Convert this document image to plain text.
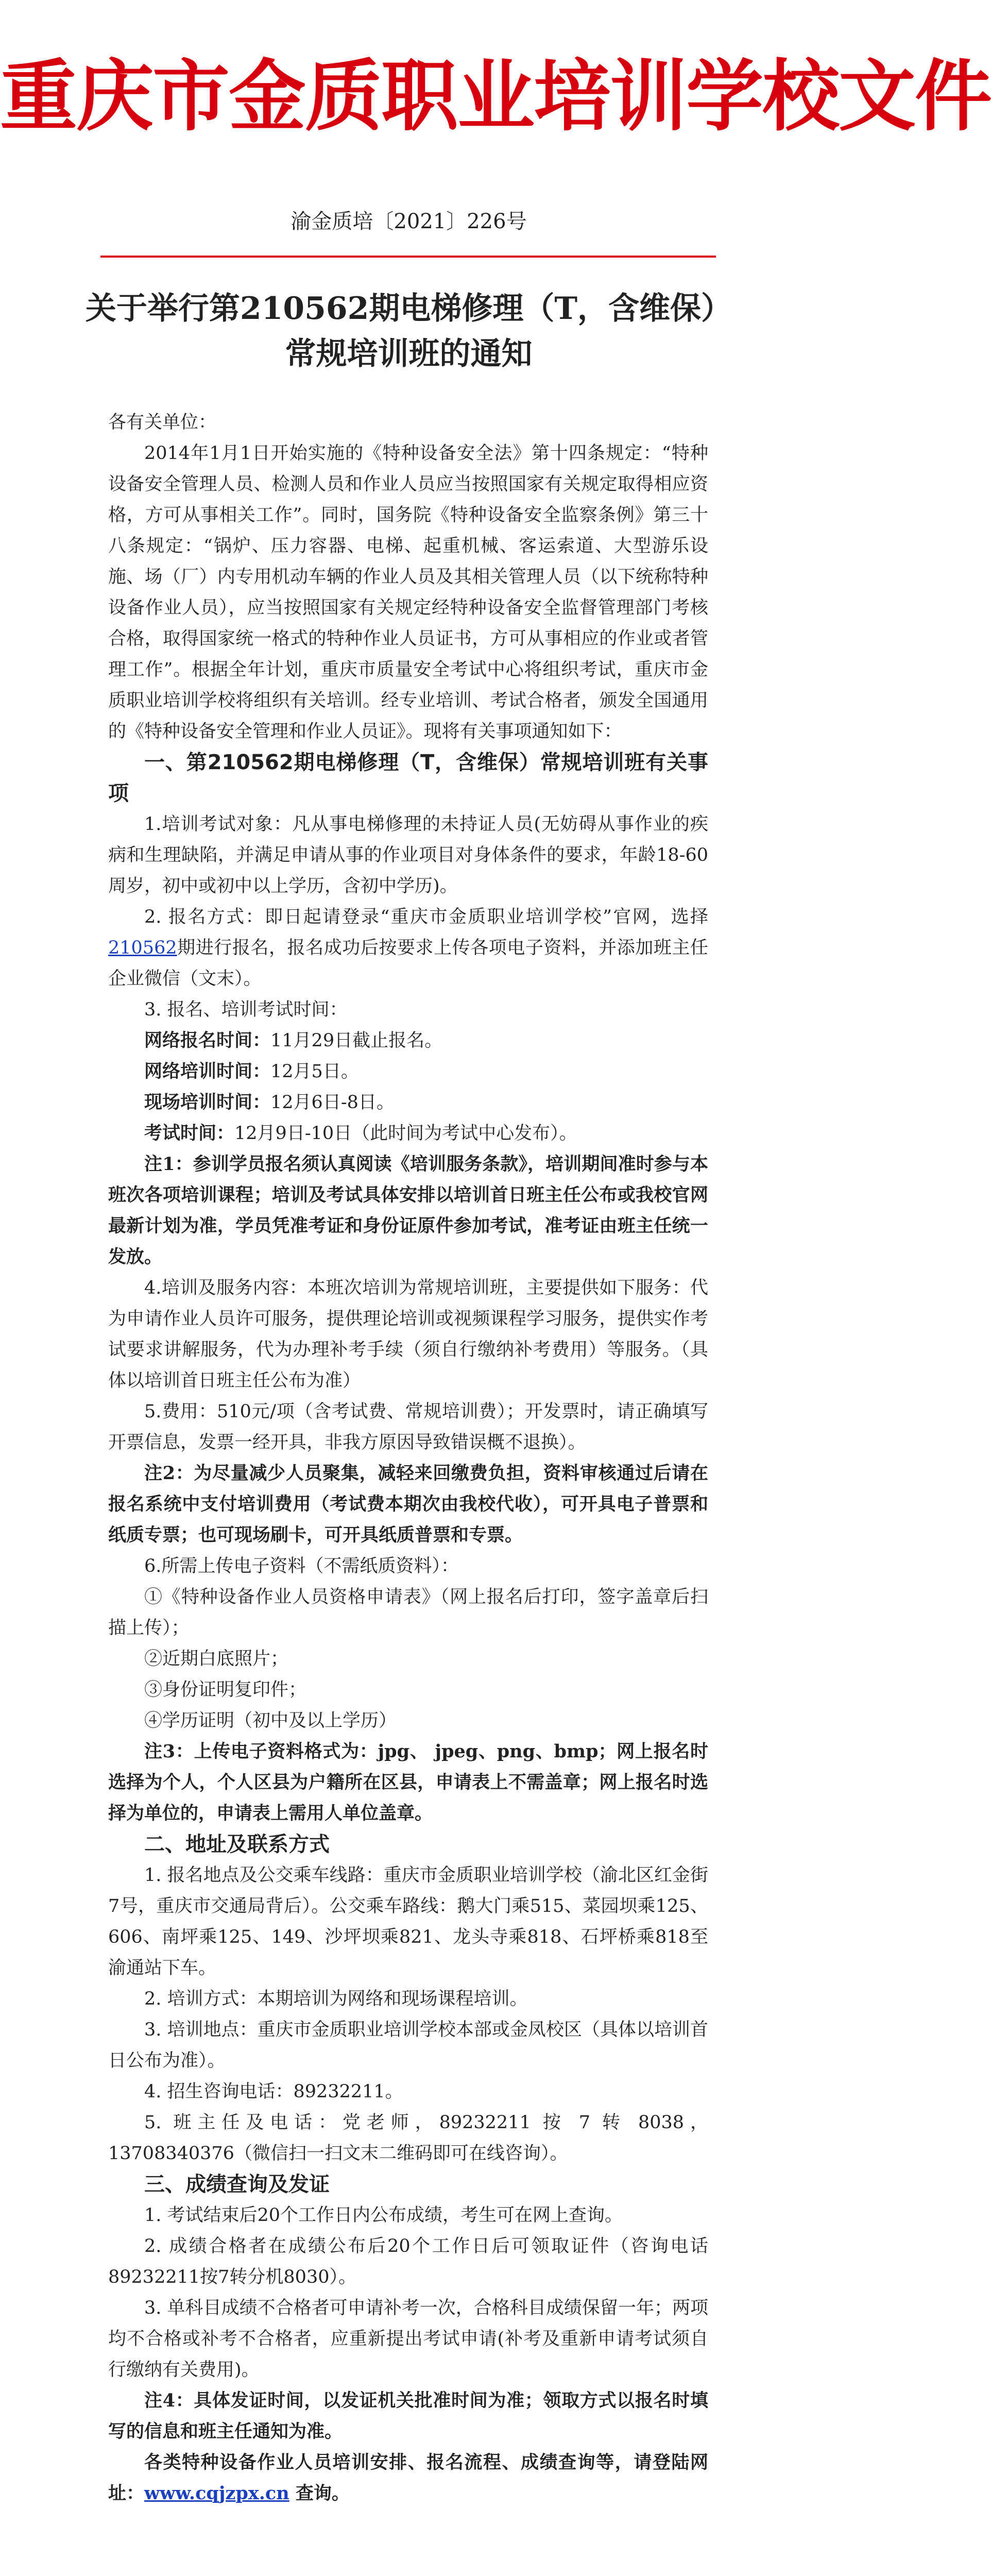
重庆市金质职业培训学校文件
渝金质培〔2021〕226号
关于举行第210562期电梯修理（T，含维保）
常规培训班的通知

各有关单位：

2014年1月1日开始实施的《特种设备安全法》第十四条规定：“特种设备安全管理人员、检测人员和作业人员应当按照国家有关规定取得相应资格，方可从事相关工作”。同时，国务院《特种设备安全监察条例》第三十八条规定：“锅炉、压力容器、电梯、起重机械、客运索道、大型游乐设施、场（厂）内专用机动车辆的作业人员及其相关管理人员（以下统称特种设备作业人员），应当按照国家有关规定经特种设备安全监督管理部门考核合格，取得国家统一格式的特种作业人员证书，方可从事相应的作业或者管理工作”。根据全年计划，重庆市质量安全考试中心将组织考试，重庆市金质职业培训学校将组织有关培训。经专业培训、考试合格者，颁发全国通用的《特种设备安全管理和作业人员证》。现将有关事项通知如下：

一、第210562期电梯修理（T，含维保）常规培训班有关事项

1.培训考试对象：凡从事电梯修理的未持证人员(无妨碍从事作业的疾病和生理缺陷，并满足申请从事的作业项目对身体条件的要求，年龄18-60周岁，初中或初中以上学历，含初中学历)。

2. 报名方式：即日起请登录“重庆市金质职业培训学校”官网，选择210562期进行报名，报名成功后按要求上传各项电子资料，并添加班主任企业微信（文末）。

3. 报名、培训考试时间：

网络报名时间：11月29日截止报名。

网络培训时间：12月5日。

现场培训时间：12月6日-8日。

考试时间：12月9日-10日（此时间为考试中心发布）。

注1：参训学员报名须认真阅读《培训服务条款》，培训期间准时参与本班次各项培训课程；培训及考试具体安排以培训首日班主任公布或我校官网最新计划为准，学员凭准考证和身份证原件参加考试，准考证由班主任统一发放。

4.培训及服务内容：本班次培训为常规培训班，主要提供如下服务：代为申请作业人员许可服务，提供理论培训或视频课程学习服务，提供实作考试要求讲解服务，代为办理补考手续（须自行缴纳补考费用）等服务。（具体以培训首日班主任公布为准）

5.费用：510元/项（含考试费、常规培训费）；开发票时，请正确填写开票信息，发票一经开具，非我方原因导致错误概不退换）。

注2：为尽量减少人员聚集，减轻来回缴费负担，资料审核通过后请在报名系统中支付培训费用（考试费本期次由我校代收），可开具电子普票和纸质专票；也可现场刷卡，可开具纸质普票和专票。

6.所需上传电子资料（不需纸质资料）：

①《特种设备作业人员资格申请表》（网上报名后打印，签字盖章后扫描上传）；

②近期白底照片；

③身份证明复印件；

④学历证明（初中及以上学历）

注3：上传电子资料格式为：jpg、 jpeg、png、bmp；网上报名时选择为个人，个人区县为户籍所在区县，申请表上不需盖章；网上报名时选择为单位的，申请表上需用人单位盖章。

二、地址及联系方式

1. 报名地点及公交乘车线路：重庆市金质职业培训学校（渝北区红金街7号，重庆市交通局背后）。公交乘车路线：鹅大门乘515、菜园坝乘125、606、南坪乘125、149、沙坪坝乘821、龙头寺乘818、石坪桥乘818至渝通站下车。

2. 培训方式：本期培训为网络和现场课程培训。

3. 培训地点：重庆市金质职业培训学校本部或金凤校区（具体以培训首日公布为准）。

4. 招生咨询电话：89232211。

5. 班主任及电话：党老师，89232211 按 7 转 8038，13708340376（微信扫一扫文末二维码即可在线咨询）。

三、成绩查询及发证

1. 考试结束后20个工作日内公布成绩，考生可在网上查询。

2. 成绩合格者在成绩公布后20个工作日后可领取证件（咨询电话89232211按7转分机8030）。

3. 单科目成绩不合格者可申请补考一次，合格科目成绩保留一年；两项均不合格或补考不合格者，应重新提出考试申请(补考及重新申请考试须自行缴纳有关费用)。

注4：具体发证时间，以发证机关批准时间为准；领取方式以报名时填写的信息和班主任通知为准。

各类特种设备作业人员培训安排、报名流程、成绩查询等，请登陆网址：www.cqjzpx.cn 查询。
